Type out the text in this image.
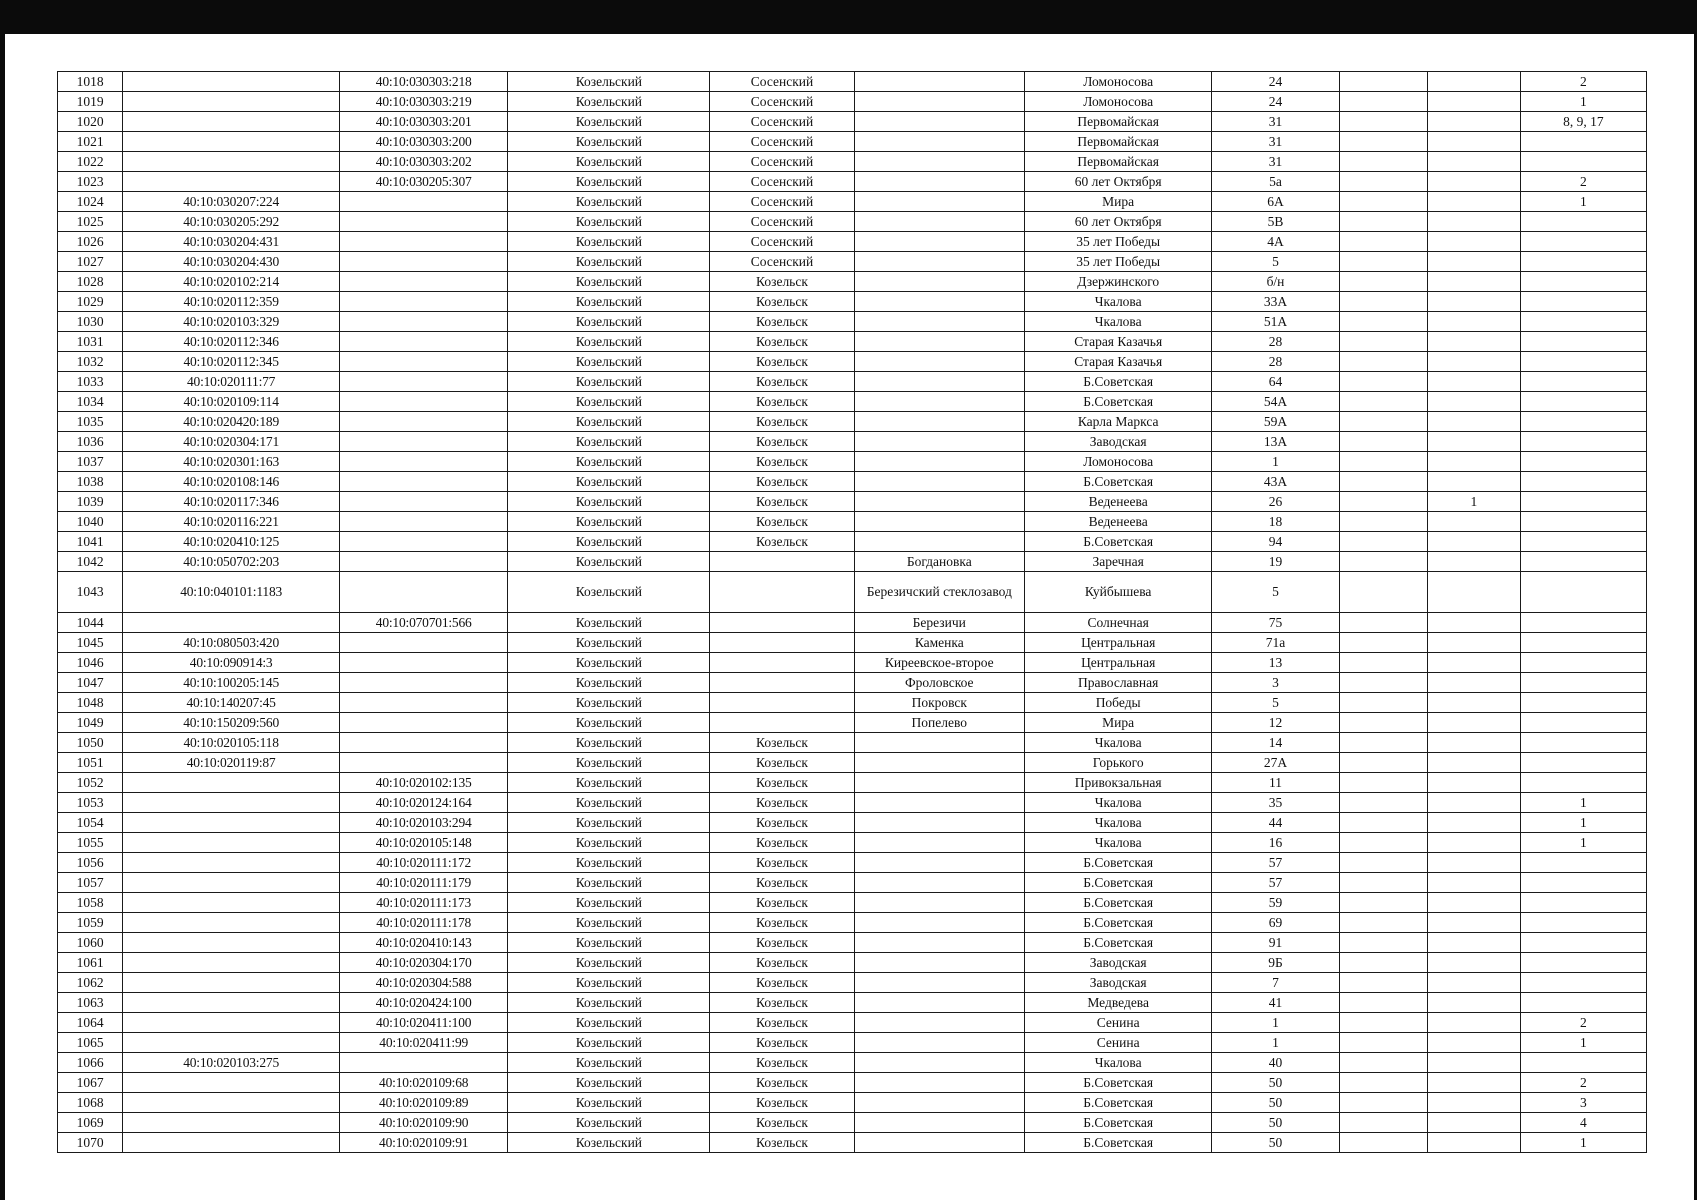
1018		40:10:030303:218	Козельский	Сосенский		Ломоносова	24			2
1019		40:10:030303:219	Козельский	Сосенский		Ломоносова	24			1
1020		40:10:030303:201	Козельский	Сосенский		Первомайская	31			8, 9, 17
1021		40:10:030303:200	Козельский	Сосенский		Первомайская	31			
1022		40:10:030303:202	Козельский	Сосенский		Первомайская	31			
1023		40:10:030205:307	Козельский	Сосенский		60 лет Октября	5а			2
1024	40:10:030207:224		Козельский	Сосенский		Мира	6А			1
1025	40:10:030205:292		Козельский	Сосенский		60 лет Октября	5В			
1026	40:10:030204:431		Козельский	Сосенский		35 лет Победы	4А			
1027	40:10:030204:430		Козельский	Сосенский		35 лет Победы	5			
1028	40:10:020102:214		Козельский	Козельск		Дзержинского	б/н			
1029	40:10:020112:359		Козельский	Козельск		Чкалова	33А			
1030	40:10:020103:329		Козельский	Козельск		Чкалова	51А			
1031	40:10:020112:346		Козельский	Козельск		Старая Казачья	28			
1032	40:10:020112:345		Козельский	Козельск		Старая Казачья	28			
1033	40:10:020111:77		Козельский	Козельск		Б.Советская	64			
1034	40:10:020109:114		Козельский	Козельск		Б.Советская	54А			
1035	40:10:020420:189		Козельский	Козельск		Карла Маркса	59А			
1036	40:10:020304:171		Козельский	Козельск		Заводская	13А			
1037	40:10:020301:163		Козельский	Козельск		Ломоносова	1			
1038	40:10:020108:146		Козельский	Козельск		Б.Советская	43А			
1039	40:10:020117:346		Козельский	Козельск		Веденеева	26		1	
1040	40:10:020116:221		Козельский	Козельск		Веденеева	18			
1041	40:10:020410:125		Козельский	Козельск		Б.Советская	94			
1042	40:10:050702:203		Козельский		Богдановка	Заречная	19			
1043	40:10:040101:1183		Козельский		Березичский стеклозавод	Куйбышева	5			
1044		40:10:070701:566	Козельский		Березичи	Солнечная	75			
1045	40:10:080503:420		Козельский		Каменка	Центральная	71а			
1046	40:10:090914:3		Козельский		Киреевское-второе	Центральная	13			
1047	40:10:100205:145		Козельский		Фроловское	Православная	3			
1048	40:10:140207:45		Козельский		Покровск	Победы	5			
1049	40:10:150209:560		Козельский		Попелево	Мира	12			
1050	40:10:020105:118		Козельский	Козельск		Чкалова	14			
1051	40:10:020119:87		Козельский	Козельск		Горького	27А			
1052		40:10:020102:135	Козельский	Козельск		Привокзальная	11			
1053		40:10:020124:164	Козельский	Козельск		Чкалова	35			1
1054		40:10:020103:294	Козельский	Козельск		Чкалова	44			1
1055		40:10:020105:148	Козельский	Козельск		Чкалова	16			1
1056		40:10:020111:172	Козельский	Козельск		Б.Советская	57			
1057		40:10:020111:179	Козельский	Козельск		Б.Советская	57			
1058		40:10:020111:173	Козельский	Козельск		Б.Советская	59			
1059		40:10:020111:178	Козельский	Козельск		Б.Советская	69			
1060		40:10:020410:143	Козельский	Козельск		Б.Советская	91			
1061		40:10:020304:170	Козельский	Козельск		Заводская	9Б			
1062		40:10:020304:588	Козельский	Козельск		Заводская	7			
1063		40:10:020424:100	Козельский	Козельск		Медведева	41			
1064		40:10:020411:100	Козельский	Козельск		Сенина	1			2
1065		40:10:020411:99	Козельский	Козельск		Сенина	1			1
1066	40:10:020103:275		Козельский	Козельск		Чкалова	40			
1067		40:10:020109:68	Козельский	Козельск		Б.Советская	50			2
1068		40:10:020109:89	Козельский	Козельск		Б.Советская	50			3
1069		40:10:020109:90	Козельский	Козельск		Б.Советская	50			4
1070		40:10:020109:91	Козельский	Козельск		Б.Советская	50			1
